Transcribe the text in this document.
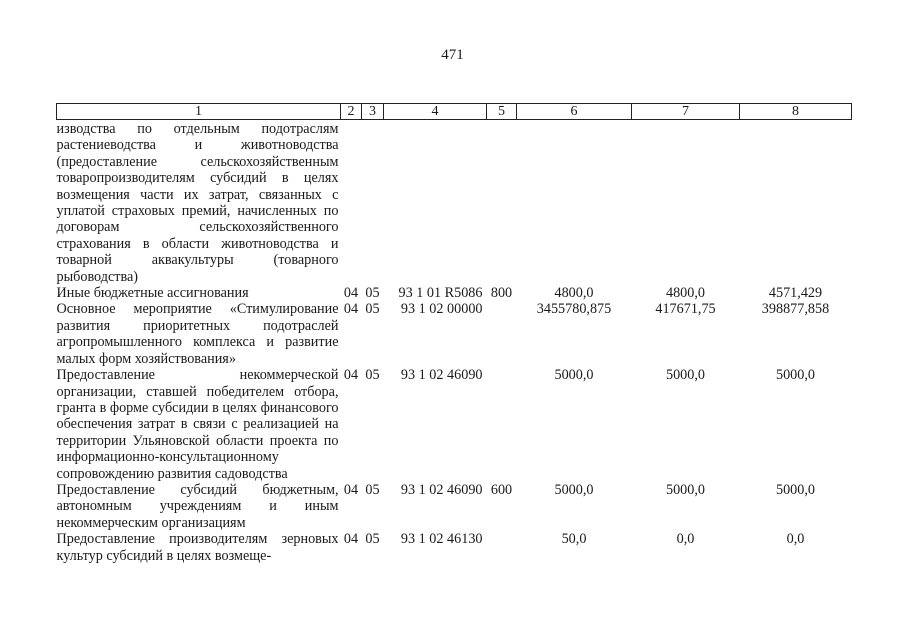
471
1	2	3	4	5	6	7	8
изводства по отдельным подотраслям растениеводства и животноводства (предоставление сельскохозяйственным товаропроизводителям субсидий в целях возмещения части их затрат, связанных с уплатой страховых премий, начисленных по договорам сельскохозяйственного страхования в области животноводства и товарной аквакультуры (товарного рыбоводства)							
Иные бюджетные ассигнования	04	05	93 1 01 R5086	800	4800,0	4800,0	4571,429
Основное мероприятие «Стимулирование развития приоритетных подотраслей агропромышленного комплекса и развитие малых форм хозяйствования»	04	05	93 1 02 00000		3455780,875	417671,75	398877,858
Предоставление некоммерческой организации, ставшей победителем отбора, гранта в форме субсидии в целях финансового обеспечения затрат в связи с реализацией на территории Ульяновской области проекта по информационно-консультационному сопровождению развития садоводства	04	05	93 1 02 46090		5000,0	5000,0	5000,0
Предоставление субсидий бюджетным, автономным учреждениям и иным некоммерческим организациям	04	05	93 1 02 46090	600	5000,0	5000,0	5000,0
Предоставление производителям зерновых культур субсидий в целях возмеще-	04	05	93 1 02 46130		50,0	0,0	0,0
